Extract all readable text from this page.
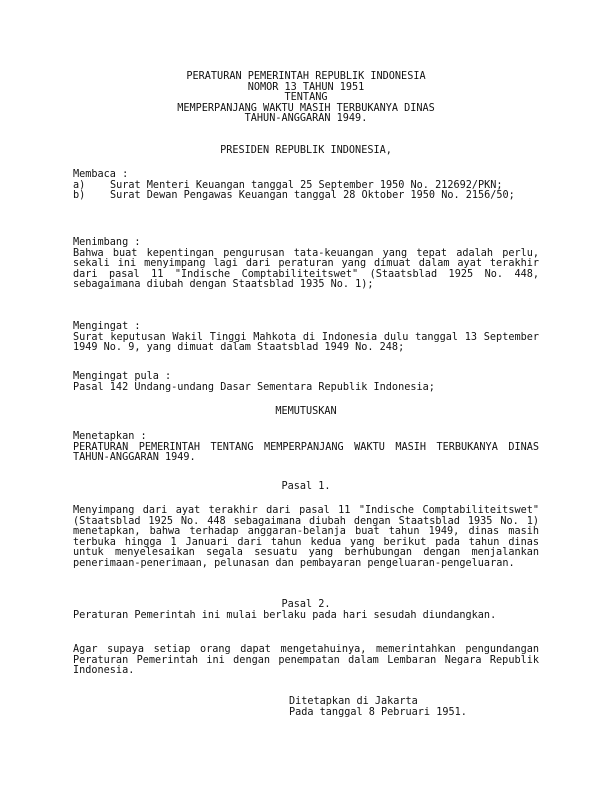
PERATURAN PEMERINTAH REPUBLIK INDONESIA
NOMOR 13 TAHUN 1951
TENTANG
MEMPERPANJANG WAKTU MASIH TERBUKANYA DINAS
TAHUN-ANGGARAN 1949.
PRESIDEN REPUBLIK INDONESIA,

Membaca :

a)	Surat Menteri Keuangan tanggal 25 September 1950 No. 212692/PKN;
b)	Surat Dewan Pengawas Keuangan tanggal 28 Oktober 1950 No. 2156/50;

Menimbang :

Bahwa buat kepentingan pengurusan tata-keuangan yang tepat adalah perlu, sekali ini menyimpang lagi dari peraturan yang dimuat dalam ayat terakhir dari pasal 11 "Indische Comptabiliteitswet" (Staatsblad 1925 No. 448, sebagaimana diubah dengan Staatsblad 1935 No. 1);

Mengingat :

Surat keputusan Wakil Tinggi Mahkota di Indonesia dulu tanggal 13 September 1949 No. 9, yang dimuat dalam Staatsblad 1949 No. 248;

Mengingat pula :

Pasal 142 Undang-undang Dasar Sementara Republik Indonesia;

MEMUTUSKAN

Menetapkan :

PERATURAN PEMERINTAH TENTANG MEMPERPANJANG WAKTU MASIH TERBUKANYA DINAS TAHUN-ANGGARAN 1949.

Pasal 1.
Menyimpang dari ayat terakhir dari pasal 11 "Indische Comptabiliteitswet" (Staatsblad 1925 No. 448 sebagaimana diubah dengan Staatsblad 1935 No. 1) menetapkan, bahwa terhadap anggaran-belanja buat tahun 1949, dinas masih terbuka hingga 1 Januari dari tahun kedua yang berikut pada tahun dinas untuk menyelesaikan segala sesuatu yang berhubungan dengan menjalankan penerimaan-penerimaan, pelunasan dan pembayaran pengeluaran-pengeluaran.
Pasal 2.
Peraturan Pemerintah ini mulai berlaku pada hari sesudah diundangkan.
Agar supaya setiap orang dapat mengetahuinya, memerintahkan pengundangan Peraturan Pemerintah ini dengan penempatan dalam Lembaran Negara Republik Indonesia.
Ditetapkan di Jakarta
Pada tanggal 8 Pebruari 1951.
